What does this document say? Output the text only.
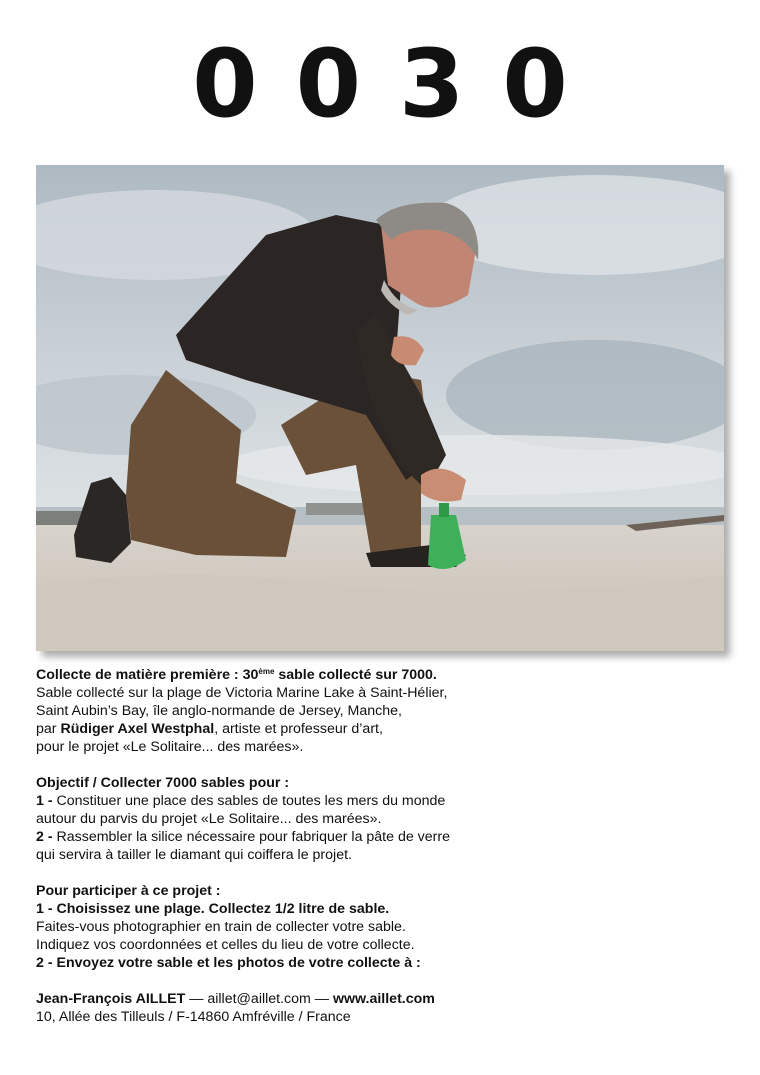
0030

Collecte de matière première : 30ème sable collecté sur 7000.

Sable collecté sur la plage de Victoria Marine Lake à Saint-Hélier,

Saint Aubin’s Bay, île anglo-normande de Jersey, Manche,

par Rüdiger Axel Westphal, artiste et professeur d’art,

pour le projet «Le Solitaire... des marées».

Objectif / Collecter 7000 sables pour :

1 - Constituer une place des sables de toutes les mers du monde

autour du parvis du projet «Le Solitaire... des marées».

2 - Rassembler la silice nécessaire pour fabriquer la pâte de verre

qui servira à tailler le diamant qui coiffera le projet.

Pour participer à ce projet :

1 - Choisissez une plage. Collectez 1/2 litre de sable.

Faites-vous photographier en train de collecter votre sable.

Indiquez vos coordonnées et celles du lieu de votre collecte.

2 - Envoyez votre sable et les photos de votre collecte à :

Jean-François AILLET — aillet@aillet.com — www.aillet.com

10, Allée des Tilleuls / F-14860 Amfréville / France
